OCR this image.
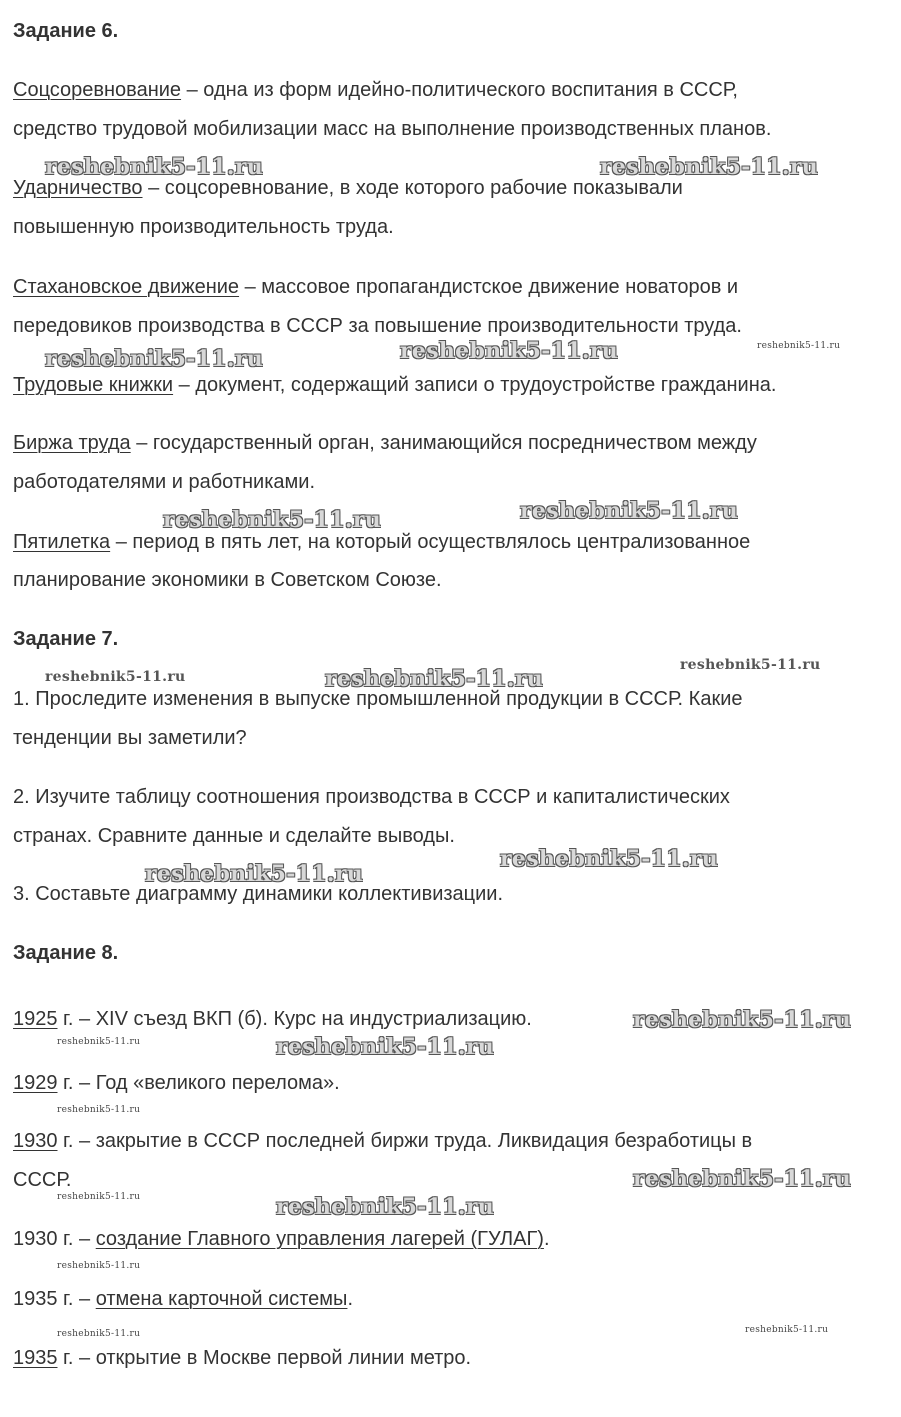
Задание 6.

Соцсоревнование – одна из форм идейно-политического воспитания в СССР,

средство трудовой мобилизации масс на выполнение производственных планов.

Ударничество – соцсоревнование, в ходе которого рабочие показывали

повышенную производительность труда.

Стахановское движение – массовое пропагандистское движение новаторов и

передовиков производства в СССР за повышение производительности труда.

Трудовые книжки – документ, содержащий записи о трудоустройстве гражданина.

Биржа труда – государственный орган, занимающийся посредничеством между

работодателями и работниками.

Пятилетка – период в пять лет, на который осуществлялось централизованное

планирование экономики в Советском Союзе.

Задание 7.

1. Проследите изменения в выпуске промышленной продукции в СССР. Какие

тенденции вы заметили?

2. Изучите таблицу соотношения производства в СССР и капиталистических

странах. Сравните данные и сделайте выводы.

3. Составьте диаграмму динамики коллективизации.

Задание 8.

1925 г. – XIV съезд ВКП (б). Курс на индустриализацию.

1929 г. – Год «великого перелома».

1930 г. – закрытие в СССР последней биржи труда. Ликвидация безработицы в

СССР.

1930 г. – создание Главного управления лагерей (ГУЛАГ).

1935 г. – отмена карточной системы.

1935 г. – открытие в Москве первой линии метро.

reshebnik5-11.ru	reshebnik5-11.ru
reshebnik5-11.ru	reshebnik5-11.ru	reshebnik5-11.ru
reshebnik5-11.ru
reshebnik5-11.ru
reshebnik5-11.ru	reshebnik5-11.ru
reshebnik5-11.ru
reshebnik5-11.ru
reshebnik5-11.ru
reshebnik5-11.ru
reshebnik5-11.ru	reshebnik5-11.ru
reshebnik5-11.ru
reshebnik5-11.ru
reshebnik5-11.ru	reshebnik5-11.ru
reshebnik5-11.ru
reshebnik5-11.ru	reshebnik5-11.ru
